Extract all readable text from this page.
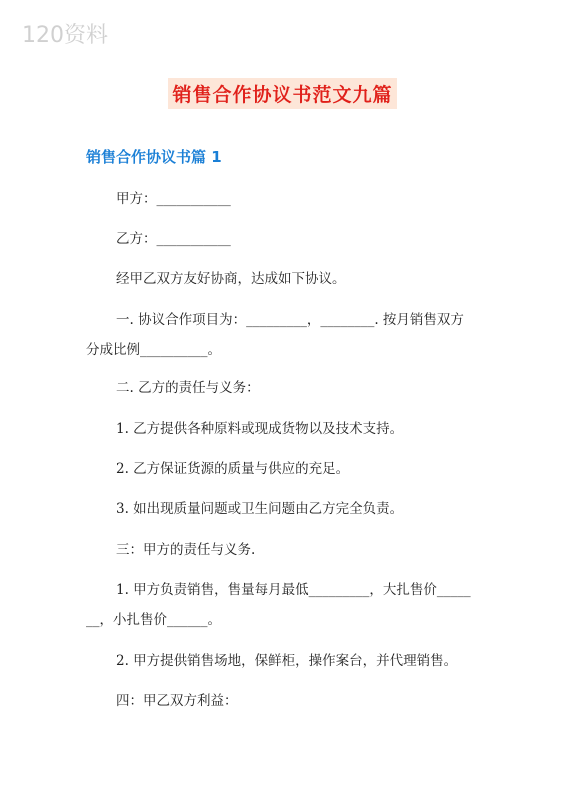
120资料
销售合作协议书范文九篇
销售合作协议书篇 1
甲方：___________
乙方：___________
经甲乙双方友好协商，达成如下协议。
一. 协议合作项目为：_________，________. 按月销售双方
分成比例__________。
二. 乙方的责任与义务：
1. 乙方提供各种原料或现成货物以及技术支持。
2. 乙方保证货源的质量与供应的充足。
3. 如出现质量问题或卫生问题由乙方完全负责。
三：甲方的责任与义务.
1. 甲方负责销售，售量每月最低_________，大扎售价_____
__，小扎售价______。
2. 甲方提供销售场地，保鲜柜，操作案台，并代理销售。
四：甲乙双方利益：
